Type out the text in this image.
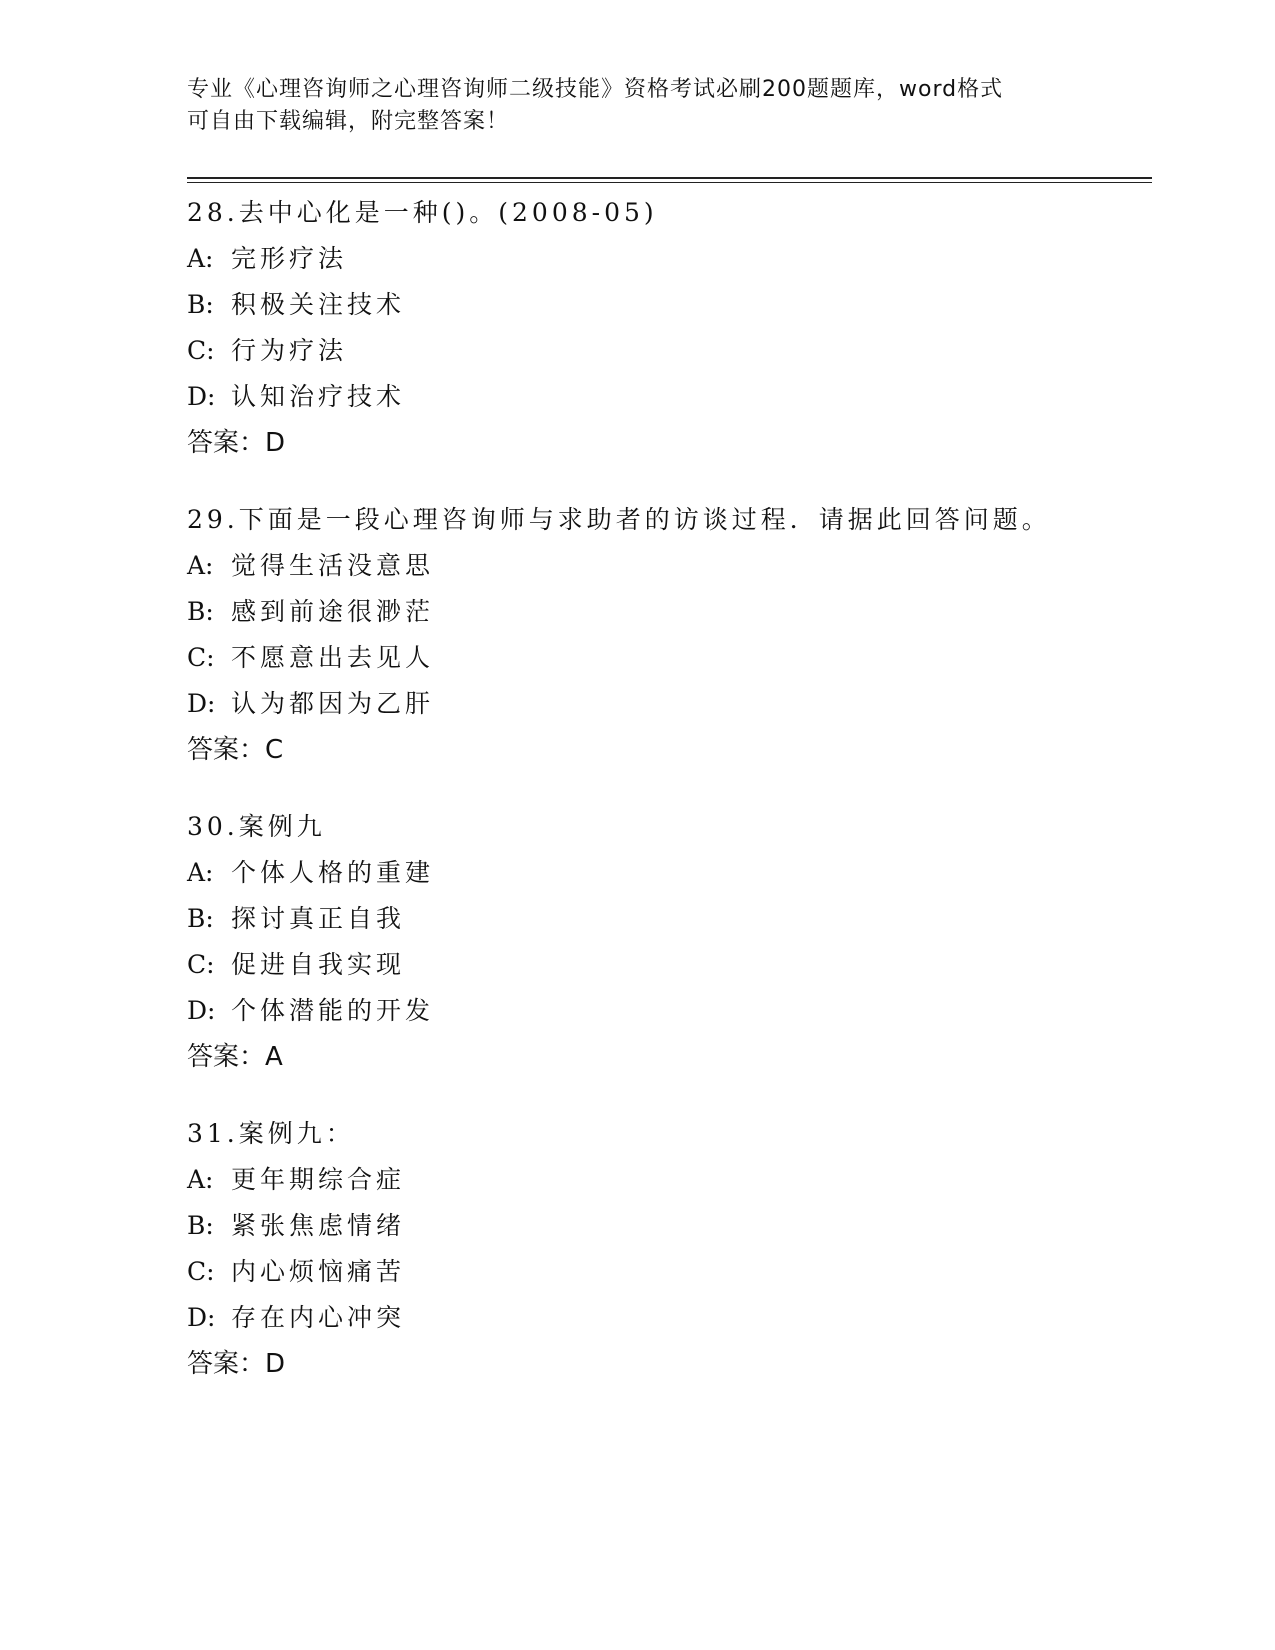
专业《心理咨询师之心理咨询师二级技能》资格考试必刷200题题库，word格式
可自由下载编辑，附完整答案！
28.去中心化是一种()。(2008-05)
A: 完形疗法
B: 积极关注技术
C: 行为疗法
D: 认知治疗技术
答案：D
29.下面是一段心理咨询师与求助者的访谈过程．请据此回答问题。
A: 觉得生活没意思
B: 感到前途很渺茫
C: 不愿意出去见人
D: 认为都因为乙肝
答案：C
30.案例九
A: 个体人格的重建
B: 探讨真正自我
C: 促进自我实现
D: 个体潜能的开发
答案：A
31.案例九：
A: 更年期综合症
B: 紧张焦虑情绪
C: 内心烦恼痛苦
D: 存在内心冲突
答案：D
